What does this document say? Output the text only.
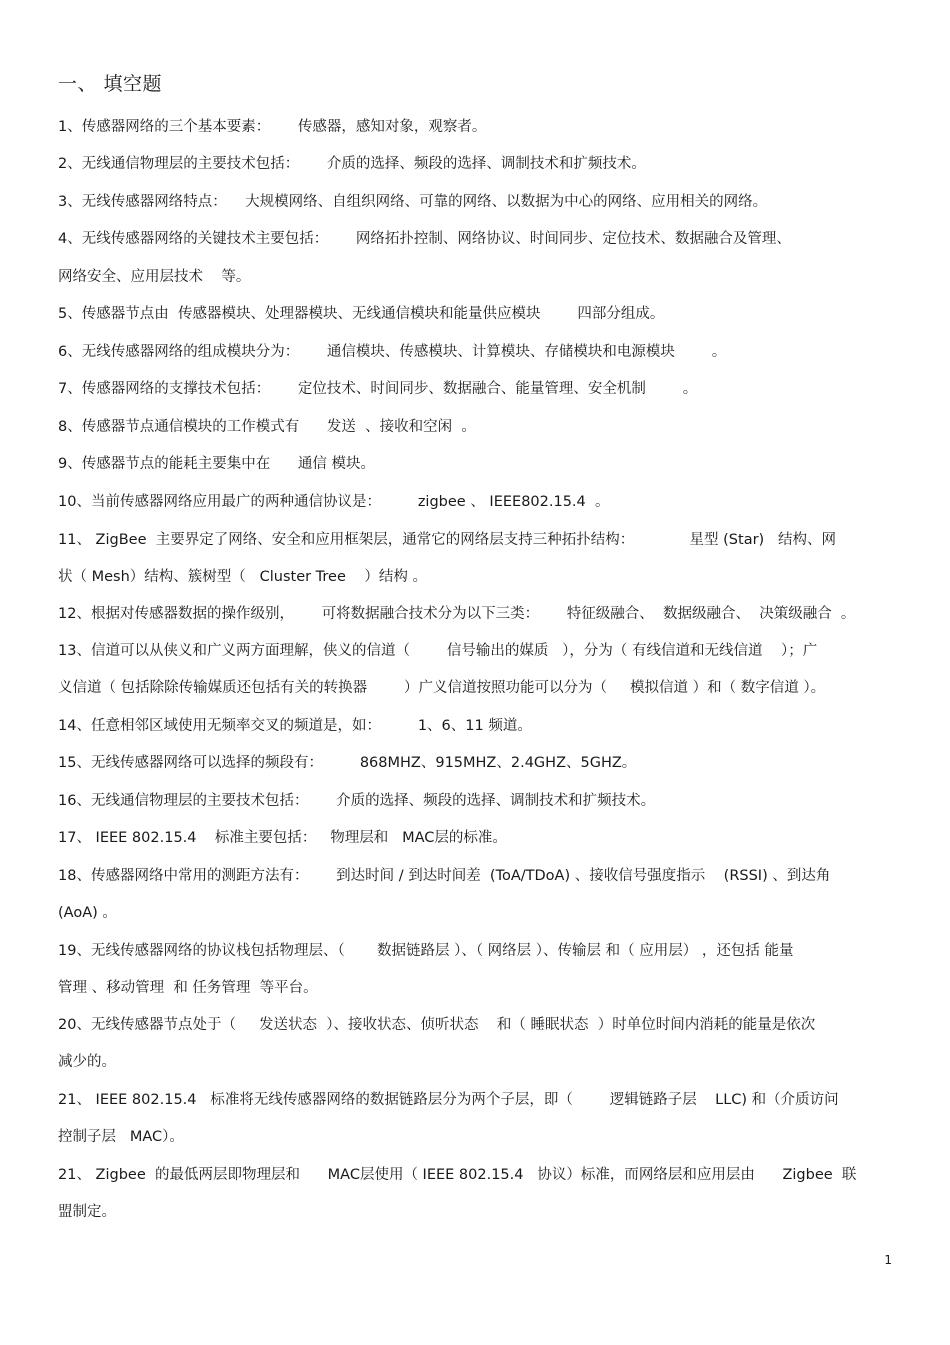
一、 填空题
1、传感器网络的三个基本要素：      传感器，感知对象，观察者。
2、无线通信物理层的主要技术包括：      介质的选择、频段的选择、调制技术和扩频技术。
3、无线传感器网络特点：    大规模网络、自组织网络、可靠的网络、以数据为中心的网络、应用相关的网络。
4、无线传感器网络的关键技术主要包括：      网络拓扑控制、网络协议、时间同步、定位技术、数据融合及管理、
网络安全、应用层技术    等。
5、传感器节点由  传感器模块、处理器模块、无线通信模块和能量供应模块        四部分组成。
6、无线传感器网络的组成模块分为：      通信模块、传感模块、计算模块、存储模块和电源模块        。
7、传感器网络的支撑技术包括：      定位技术、时间同步、数据融合、能量管理、安全机制        。
8、传感器节点通信模块的工作模式有      发送  、接收和空闲  。
9、传感器节点的能耗主要集中在      通信 模块。
10、当前传感器网络应用最广的两种通信协议是：        zigbee 、 IEEE802.15.4  。
11、 ZigBee  主要界定了网络、安全和应用框架层，通常它的网络层支持三种拓扑结构：            星型 (Star)   结构、网
状（ Mesh）结构、簇树型（   Cluster Tree    ）结构 。
12、根据对传感器数据的操作级别，      可将数据融合技术分为以下三类：      特征级融合、  数据级融合、  决策级融合  。
13、信道可以从侠义和广义两方面理解，侠义的信道（        信号输出的媒质   ），分为（ 有线信道和无线信道    ）；广
义信道（ 包括除除传输媒质还包括有关的转换器        ）广义信道按照功能可以分为（     模拟信道 ）和（ 数字信道 ）。
14、任意相邻区域使用无频率交叉的频道是，如：        1、6、11 频道。
15、无线传感器网络可以选择的频段有：        868MHZ、915MHZ、2.4GHZ、5GHZ。
16、无线通信物理层的主要技术包括：      介质的选择、频段的选择、调制技术和扩频技术。
17、 IEEE 802.15.4    标准主要包括：   物理层和   MAC层的标准。
18、传感器网络中常用的测距方法有：      到达时间 / 到达时间差  (ToA/TDoA) 、接收信号强度指示    (RSSI) 、到达角
(AoA) 。
19、无线传感器网络的协议栈包括物理层、（       数据链路层 ）、（ 网络层 ）、传输层 和（ 应用层） ，还包括 能量
管理 、移动管理  和 任务管理  等平台。
20、无线传感器节点处于（     发送状态  ）、接收状态、侦听状态    和（ 睡眠状态  ）时单位时间内消耗的能量是依次
减少的。
21、 IEEE 802.15.4   标准将无线传感器网络的数据链路层分为两个子层，即（        逻辑链路子层    LLC) 和（介质访问
控制子层   MAC）。
21、 Zigbee  的最低两层即物理层和      MAC层使用（ IEEE 802.15.4   协议）标准，而网络层和应用层由      Zigbee  联
盟制定。
1
